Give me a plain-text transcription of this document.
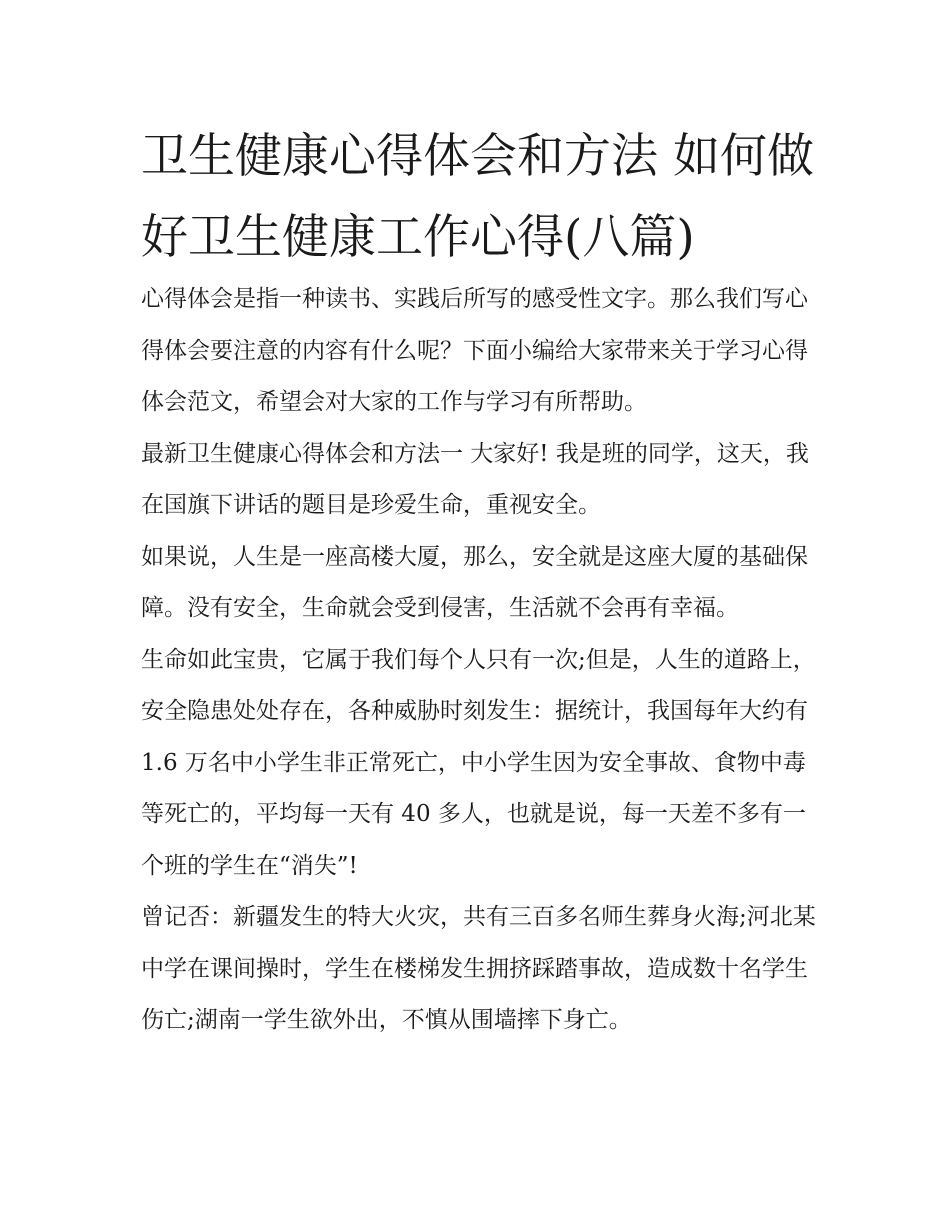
卫生健康心得体会和方法 如何做好卫生健康工作心得(八篇)

心得体会是指一种读书、实践后所写的感受性文字。那么我们写心得体会要注意的内容有什么呢？下面小编给大家带来关于学习心得体会范文，希望会对大家的工作与学习有所帮助。

最新卫生健康心得体会和方法一 大家好! 我是班的同学，这天，我在国旗下讲话的题目是珍爱生命，重视安全。

如果说，人生是一座高楼大厦，那么，安全就是这座大厦的基础保障。没有安全，生命就会受到侵害，生活就不会再有幸福。

生命如此宝贵，它属于我们每个人只有一次;但是，人生的道路上，安全隐患处处存在，各种威胁时刻发生：据统计，我国每年大约有 1.6 万名中小学生非正常死亡，中小学生因为安全事故、食物中毒等死亡的，平均每一天有 40 多人，也就是说，每一天差不多有一个班的学生在“消失”!

曾记否：新疆发生的特大火灾，共有三百多名师生葬身火海;河北某中学在课间操时，学生在楼梯发生拥挤踩踏事故，造成数十名学生伤亡;湖南一学生欲外出，不慎从围墙摔下身亡。
